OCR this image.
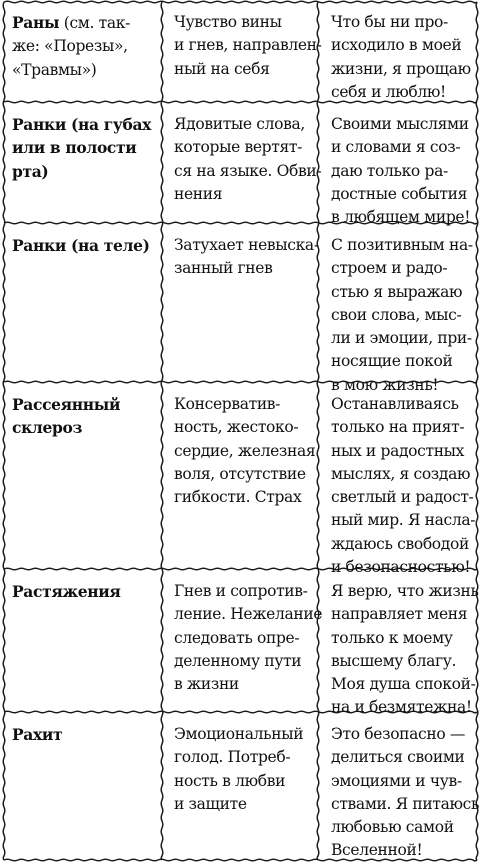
Раны (см. так-
же: «Порезы»,
«Травмы»)
Чувство вины
и гнев, направлен-
ный на себя
Что бы ни про-
исходило в моей
жизни, я прощаю
себя и люблю!
Ранки (на губах
или в полости
рта)
Ядовитые слова,
которые вертят-
ся на языке. Обви-
нения
Своими мыслями
и словами я соз-
даю только ра-
достные события
в любящем мире!
Ранки (на теле) Затухает невыска-
занный гнев
С позитивным на-
строем и радо-
стью я выражаю
свои слова, мыс-
ли и эмоции, при-
носящие покой
в мою жизнь!
Рассеянный
склероз
Консерватив-
ность, жестоко-
сердие, железная
воля, отсутствие
гибкости. Страх
Останавливаясь
только на прият-
ных и радостных
мыслях, я создаю
светлый и радост-
ный мир. Я насла-
ждаюсь свободой
и безопасностью!
Растяжения	Гнев и сопротив-
ление. Нежелание
следовать опре-
деленному пути
в жизни
Я верю, что жизнь
направляет меня
только к моему
высшему благу.
Моя душа спокой-
на и безмятежна!
Рахит	Эмоциональный
голод. Потреб-
ность в любви
и защите
Это безопасно —
делиться своими
эмоциями и чув-
ствами. Я питаюсь
любовью самой
Вселенной!
